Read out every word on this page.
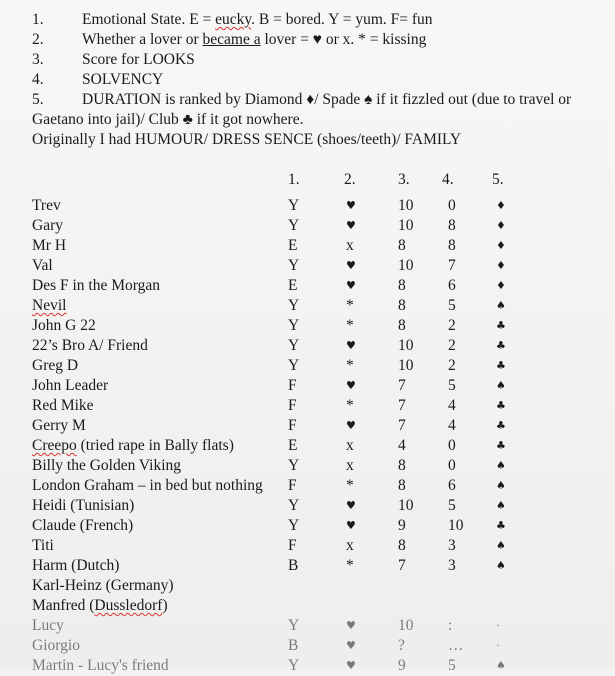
1.	Emotional State. E = eucky. B = bored. Y = yum. F= fun
2.	Whether a lover or became a lover = ♥ or x. * = kissing
3.	Score for LOOKS
4.	SOLVENCY
5. DURATION is ranked by Diamond ♦/ Spade ♠ if it fizzled out (due to travel or Gaetano into jail)/ Club ♣ if it got nowhere.
Originally I had HUMOUR/ DRESS SENCE (shoes/teeth)/ FAMILY
	1.	2.	3.	4.	5.

Trev	Y	♥	10	0	♦
Gary	Y	♥	10	8	♦
Mr H	E	x	8	8	♦
Val	Y	♥	10	7	♦
Des F in the Morgan	E	♥	8	6	♦
Nevil	Y	*	8	5	♠
John G 22	Y	*	8	2	♣
22’s Bro A/ Friend	Y	♥	10	2	♣
Greg D	Y	*	10	2	♣
John Leader	F	♥	7	5	♠
Red Mike	F	*	7	4	♣
Gerry M	F	♥	7	4	♣
Creepo (tried rape in Bally flats)	E	x	4	0	♣
Billy the Golden Viking	Y	x	8	0	♠
London Graham – in bed but nothing	F	*	8	6	♠
Heidi (Tunisian)	Y	♥	10	5	♠
Claude (French)	Y	♥	9	10	♣
Titi	F	x	8	3	♠
Harm (Dutch)	B	*	7	3	♠
Karl-Heinz (Germany)					
Manfred (Dussledorf)					
Lucy	Y	♥	10	:	·
Giorgio	B	♥	?	…	·
Martin - Lucy's friend	Y	♥	9	5	♠
